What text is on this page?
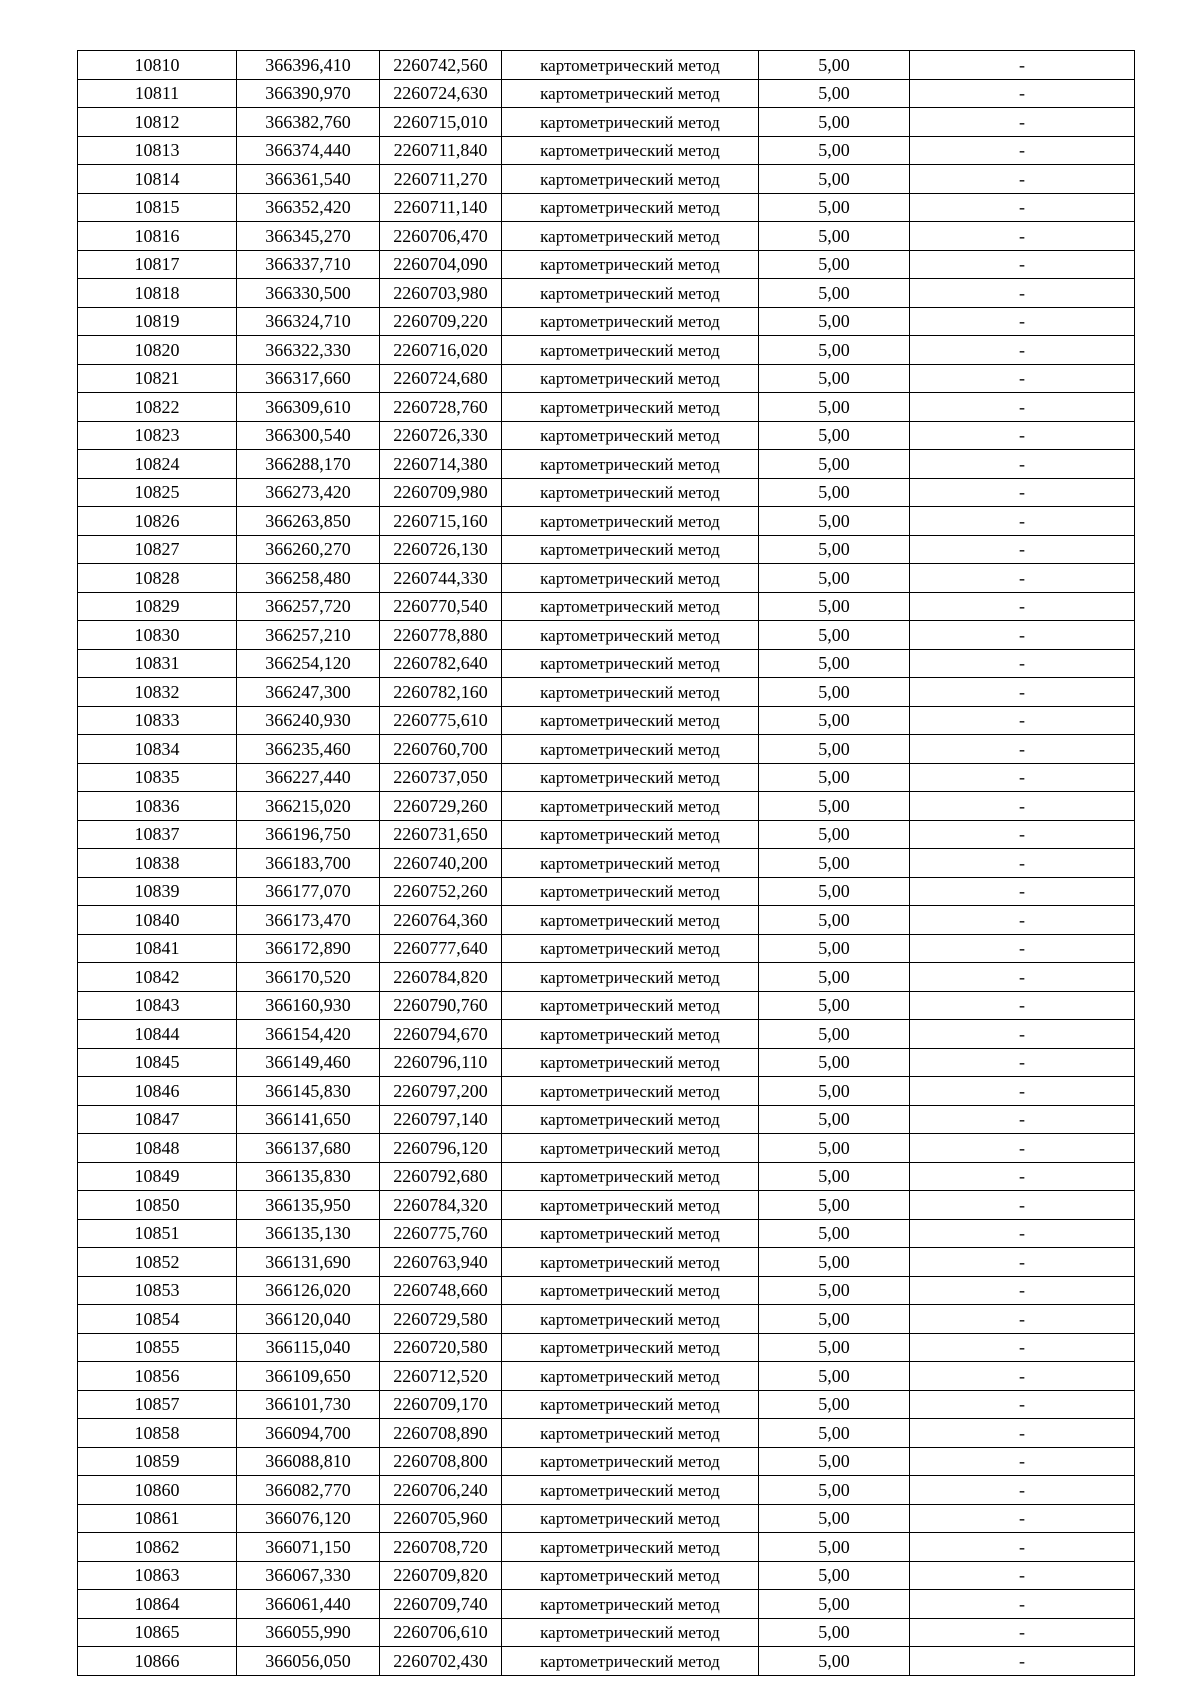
10810	366396,410	2260742,560	картометрический метод	5,00	-
10811	366390,970	2260724,630	картометрический метод	5,00	-
10812	366382,760	2260715,010	картометрический метод	5,00	-
10813	366374,440	2260711,840	картометрический метод	5,00	-
10814	366361,540	2260711,270	картометрический метод	5,00	-
10815	366352,420	2260711,140	картометрический метод	5,00	-
10816	366345,270	2260706,470	картометрический метод	5,00	-
10817	366337,710	2260704,090	картометрический метод	5,00	-
10818	366330,500	2260703,980	картометрический метод	5,00	-
10819	366324,710	2260709,220	картометрический метод	5,00	-
10820	366322,330	2260716,020	картометрический метод	5,00	-
10821	366317,660	2260724,680	картометрический метод	5,00	-
10822	366309,610	2260728,760	картометрический метод	5,00	-
10823	366300,540	2260726,330	картометрический метод	5,00	-
10824	366288,170	2260714,380	картометрический метод	5,00	-
10825	366273,420	2260709,980	картометрический метод	5,00	-
10826	366263,850	2260715,160	картометрический метод	5,00	-
10827	366260,270	2260726,130	картометрический метод	5,00	-
10828	366258,480	2260744,330	картометрический метод	5,00	-
10829	366257,720	2260770,540	картометрический метод	5,00	-
10830	366257,210	2260778,880	картометрический метод	5,00	-
10831	366254,120	2260782,640	картометрический метод	5,00	-
10832	366247,300	2260782,160	картометрический метод	5,00	-
10833	366240,930	2260775,610	картометрический метод	5,00	-
10834	366235,460	2260760,700	картометрический метод	5,00	-
10835	366227,440	2260737,050	картометрический метод	5,00	-
10836	366215,020	2260729,260	картометрический метод	5,00	-
10837	366196,750	2260731,650	картометрический метод	5,00	-
10838	366183,700	2260740,200	картометрический метод	5,00	-
10839	366177,070	2260752,260	картометрический метод	5,00	-
10840	366173,470	2260764,360	картометрический метод	5,00	-
10841	366172,890	2260777,640	картометрический метод	5,00	-
10842	366170,520	2260784,820	картометрический метод	5,00	-
10843	366160,930	2260790,760	картометрический метод	5,00	-
10844	366154,420	2260794,670	картометрический метод	5,00	-
10845	366149,460	2260796,110	картометрический метод	5,00	-
10846	366145,830	2260797,200	картометрический метод	5,00	-
10847	366141,650	2260797,140	картометрический метод	5,00	-
10848	366137,680	2260796,120	картометрический метод	5,00	-
10849	366135,830	2260792,680	картометрический метод	5,00	-
10850	366135,950	2260784,320	картометрический метод	5,00	-
10851	366135,130	2260775,760	картометрический метод	5,00	-
10852	366131,690	2260763,940	картометрический метод	5,00	-
10853	366126,020	2260748,660	картометрический метод	5,00	-
10854	366120,040	2260729,580	картометрический метод	5,00	-
10855	366115,040	2260720,580	картометрический метод	5,00	-
10856	366109,650	2260712,520	картометрический метод	5,00	-
10857	366101,730	2260709,170	картометрический метод	5,00	-
10858	366094,700	2260708,890	картометрический метод	5,00	-
10859	366088,810	2260708,800	картометрический метод	5,00	-
10860	366082,770	2260706,240	картометрический метод	5,00	-
10861	366076,120	2260705,960	картометрический метод	5,00	-
10862	366071,150	2260708,720	картометрический метод	5,00	-
10863	366067,330	2260709,820	картометрический метод	5,00	-
10864	366061,440	2260709,740	картометрический метод	5,00	-
10865	366055,990	2260706,610	картометрический метод	5,00	-
10866	366056,050	2260702,430	картометрический метод	5,00	-
